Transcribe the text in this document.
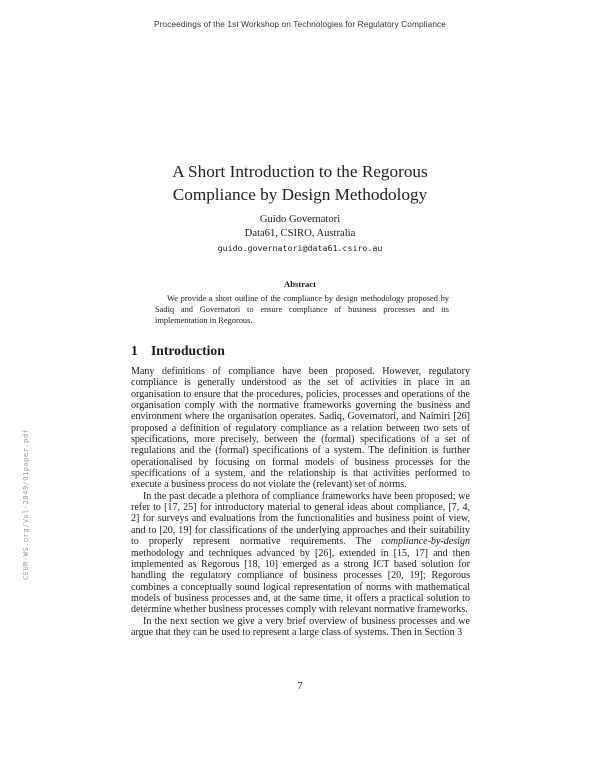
Proceedings of the 1st Workshop on Technologies for Regulatory Compliance
A Short Introduction to the Regorous
Compliance by Design Methodology
Guido Governatori
Data61, CSIRO, Australia
guido.governatori@data61.csiro.au
Abstract
We provide a short outline of the compliance by design methodology proposed by Sadiq and Governatori to ensure compliance of business processes and its implementation in Regorous.
1 Introduction

Many definitions of compliance have been proposed. However, regulatory compliance is generally understood as the set of activities in place in an organisation to ensure that the procedures, policies, processes and operations of the organisation comply with the normative frameworks governing the business and environment where the organisation operates. Sadiq, Governatori, and Naimiri [26] proposed a definition of regulatory compliance as a relation between two sets of specifications, more precisely, between the (formal) specifications of a set of regulations and the (formal) specifications of a system. The definition is further operationalised by focusing on formal models of business processes for the specifications of a system, and the relationship is that activities performed to execute a business process do not violate the (relevant) set of norms.

In the past decade a plethora of compliance frameworks have been proposed; we refer to [17, 25] for introductory material to general ideas about compliance, [7, 4, 2] for surveys and evaluations from the functionalities and business point of view, and to [20, 19] for classifications of the underlying approaches and their suitability to properly represent normative requirements. The compliance-by-design methodology and techniques advanced by [26], extended in [15, 17] and then implemented as Regorous [18, 10] emerged as a strong ICT based solution for handling the regulatory compliance of business processes [20, 19]; Regorous combines a conceptually sound logical representation of norms with mathematical models of business processes and, at the same time, it offers a practical solution to determine whether business processes comply with relevant normative frameworks.

In the next section we give a very brief overview of business processes and we argue that they can be used to represent a large class of systems. Then in Section 3

CEUR-WS.org/Vol-2049/01paper.pdf
7
